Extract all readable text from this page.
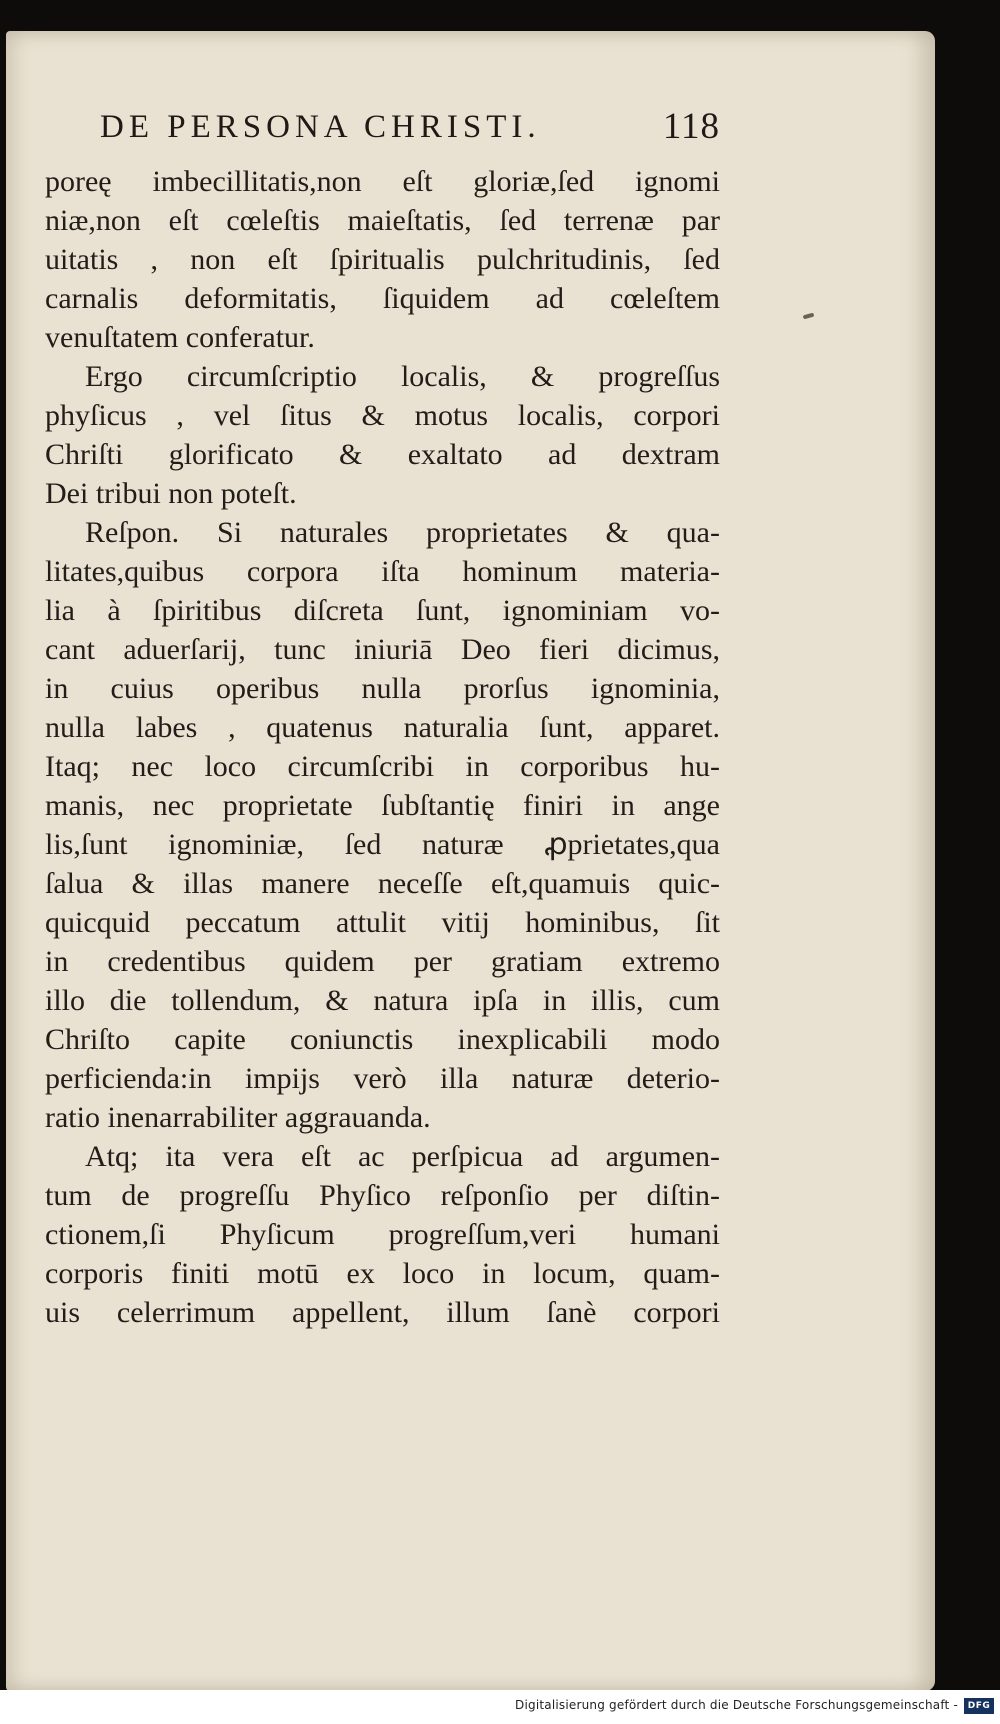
DE PERSONA CHRISTI.	118
poreę imbecillitatis,non eſt gloriæ,ſed ignomi
niæ,non eſt cœleſtis maieſtatis, ſed terrenæ par
uitatis , non eſt ſpiritualis pulchritudinis, ſed
carnalis deformitatis, ſiquidem ad cœleſtem
venuſtatem conferatur.
Ergo circumſcriptio localis, & progreſſus
phyſicus , vel ſitus & motus localis, corpori
Chriſti glorificato & exaltato ad dextram
Dei tribui non poteſt.
Reſpon. Si naturales proprietates & qua-
litates,quibus corpora iſta hominum materia-
lia à ſpiritibus diſcreta ſunt, ignominiam vo-
cant aduerſarij, tunc iniuriā Deo fieri dicimus,
in cuius operibus nulla prorſus ignominia,
nulla labes , quatenus naturalia ſunt, apparet.
Itaq; nec loco circumſcribi in corporibus hu-
manis, nec proprietate ſubſtantię finiri in ange
lis,ſunt ignominiæ, ſed naturæ ꝓprietates,qua
ſalua & illas manere neceſſe eſt,quamuis quic-
quicquid peccatum attulit vitij hominibus, ſit
in credentibus quidem per gratiam extremo
illo die tollendum, & natura ipſa in illis, cum
Chriſto capite coniunctis inexplicabili modo
perficienda:in impijs verò illa naturæ deterio-
ratio inenarrabiliter aggrauanda.
Atq; ita vera eſt ac perſpicua ad argumen-
tum de progreſſu Phyſico reſponſio per diſtin-
ctionem,ſi Phyſicum progreſſum,veri humani
corporis finiti motū ex loco in locum, quam-
uis celerrimum appellent, illum ſanè corpori
Digitalisierung gefördert durch die Deutsche Forschungsgemeinschaft -	DFG
